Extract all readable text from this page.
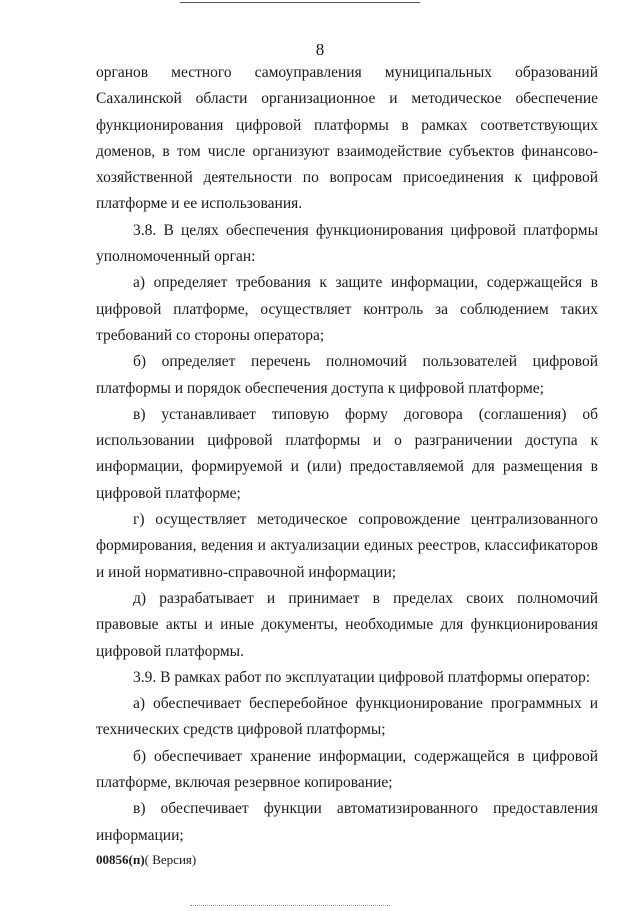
8

органов местного самоуправления муниципальных образований Сахалинской области организационное и методическое обеспечение функционирования цифровой платформы в рамках соответствующих доменов, в том числе организуют взаимодействие субъектов финансово-хозяйственной деятельности по вопросам присоединения к цифровой платформе и ее использования.

3.8. В целях обеспечения функционирования цифровой платформы уполномоченный орган:

а) определяет требования к защите информации, содержащейся в цифровой платформе, осуществляет контроль за соблюдением таких требований со стороны оператора;

б) определяет перечень полномочий пользователей цифровой платформы и порядок обеспечения доступа к цифровой платформе;

в) устанавливает типовую форму договора (соглашения) об использовании цифровой платформы и о разграничении доступа к информации, формируемой и (или) предоставляемой для размещения в цифровой платформе;

г) осуществляет методическое сопровождение централизованного формирования, ведения и актуализации единых реестров, классификаторов и иной нормативно-справочной информации;

д) разрабатывает и принимает в пределах своих полномочий правовые акты и иные документы, необходимые для функционирования цифровой платформы.

3.9. В рамках работ по эксплуатации цифровой платформы оператор:

а) обеспечивает бесперебойное функционирование программных и технических средств цифровой платформы;

б) обеспечивает хранение информации, содержащейся в цифровой платформе, включая резервное копирование;

в) обеспечивает функции автоматизированного предоставления информации;

00856(п)( Версия)
